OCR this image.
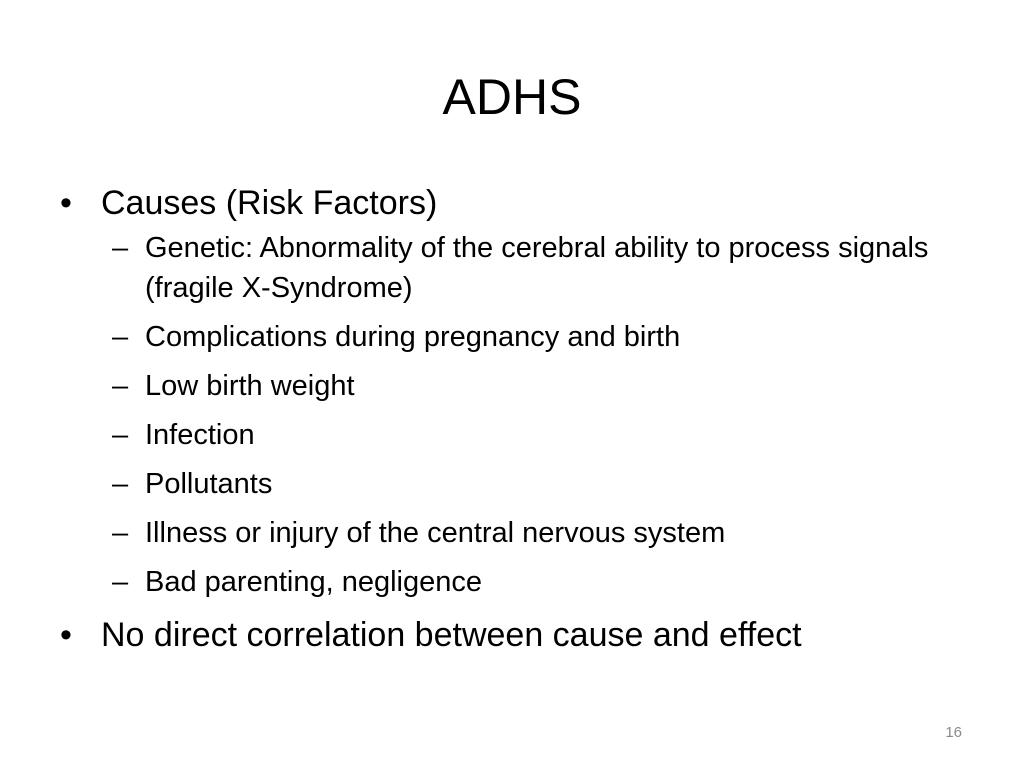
ADHS
• Causes (Risk Factors)
– Genetic: Abnormality of the cerebral ability to process signals (fragile X-Syndrome)
– Complications during pregnancy and birth
– Low birth weight
– Infection
– Pollutants
– Illness or injury of the central nervous system
– Bad parenting, negligence
• No direct correlation between cause and effect
16
